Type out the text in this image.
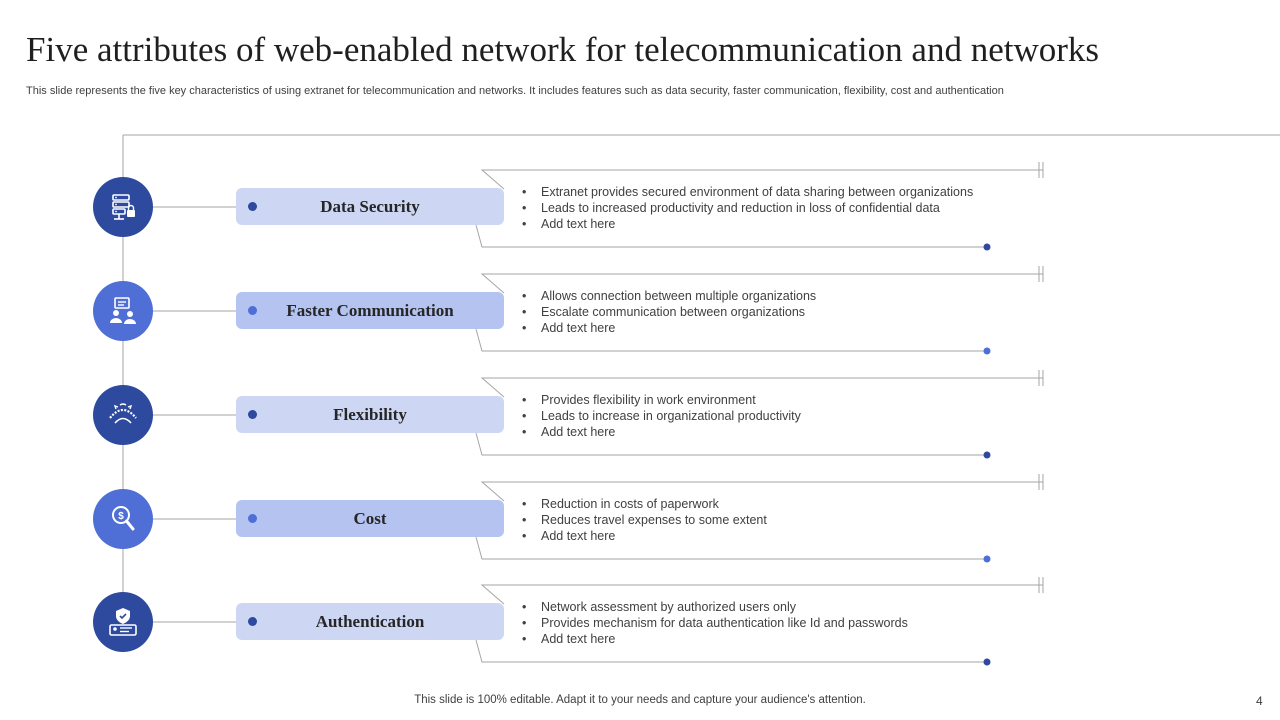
Five attributes of web-enabled network for telecommunication and networks
This slide represents the five key characteristics of using extranet for telecommunication and networks. It includes features such as data security, faster communication, flexibility, cost and authentication
Data Security
• Extranet provides secured environment of data sharing between organizations
• Leads to increased productivity and reduction in loss of confidential data
• Add text here
Faster Communication
• Allows connection between multiple organizations
• Escalate communication between organizations
• Add text here
Flexibility
• Provides flexibility in work environment
• Leads to increase in organizational productivity
• Add text here
$	Cost
• Reduction in costs of paperwork
• Reduces travel expenses to some extent
• Add text here
Authentication
• Network assessment by authorized users only
• Provides mechanism for data authentication like Id and passwords
• Add text here
This slide is 100% editable. Adapt it to your needs and capture your audience's attention.	4
